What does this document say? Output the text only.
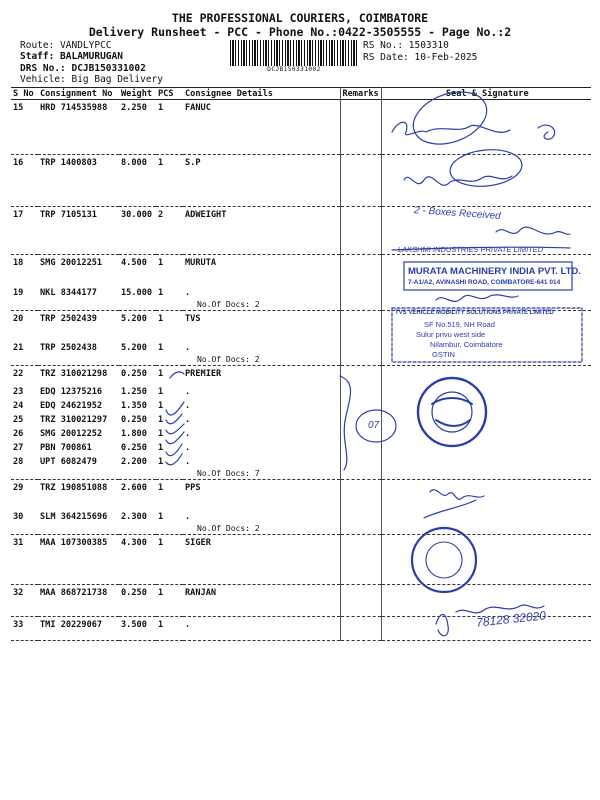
THE PROFESSIONAL COURIERS, COIMBATORE
Delivery Runsheet - PCC - Phone No.:0422-3505555 - Page No.:2
Route: VANDLYPCC
Staff: BALAMURUGAN
DRS No.: DCJB150331002
Vehicle: Big Bag Delivery
DCJB150331002
RS No.: 1503310
RS Date: 10-Feb-2025
S No	Consignment No	Weight	PCS	Consignee Details	Remarks	Seal & Signature
15	HRD 714535988	2.250	1	FANUC		
16	TRP 1400803	8.000	1	S.P		
17	TRP 7105131	30.000	2	ADWEIGHT		
18	SMG 20012251	4.500	1	MURUTA		
19	NKL 8344177	15.000	1	.
No.Of Docs: 2		

20	TRP 2502439	5.200	1	TVS		
21	TRP 2502438	5.200	1	.
No.Of Docs: 2		

22	TRZ 310021298	0.250	1	PREMIER		
23	EDQ 12375216	1.250	1	.		
24	EDQ 24621952	1.350	1	.		
25	TRZ 310021297	0.250	1	.		
26	SMG 20012252	1.800	1	.		
27	PBN 700861	0.250	1	.		
28	UPT 6082479	2.200	1	.
No.Of Docs: 7		

29	TRZ 190851088	2.600	1	PPS		
30	SLM 364215696	2.300	1	.
No.Of Docs: 2		

31	MAA 107300385	4.300	1	SIGER		
32	MAA 868721738	0.250	1	RANJAN		
33	TMI 20229067	3.500	1	.		
LAKSHMI INDUSTRIES PRIVATE LIMITED
MURATA MACHINERY INDIA PVT. LTD.
7-A1/A2, AVINASHI ROAD, COIMBATORE-641 014
TVS VEHICLE MOBILITY SOLUTIONS PRIVATE LIMITED
SF No.519, NH Road
Sulur privu west side
Nilambur, Coimbatore
GSTIN
2 - Boxes Received
07
78128 32020
